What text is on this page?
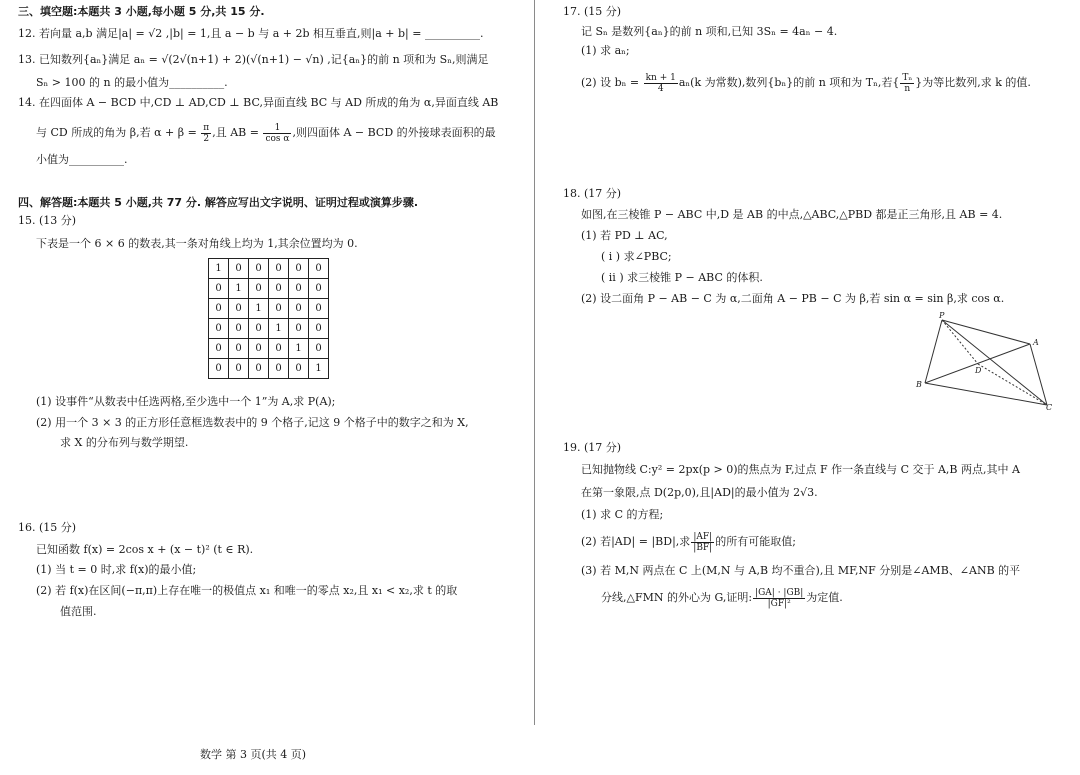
三、填空题:本题共 3 小题,每小题 5 分,共 15 分.
12. 若向量 a,b 满足|a| = √2 ,|b| = 1,且 a − b 与 a + 2b 相互垂直,则|a + b| = __________.
13. 已知数列{aₙ}满足 aₙ = √(2√(n+1) + 2)(√(n+1) − √n) ,记{aₙ}的前 n 项和为 Sₙ,则满足
Sₙ > 100 的 n 的最小值为__________.
14. 在四面体 A − BCD 中,CD ⊥ AD,CD ⊥ BC,异面直线 BC 与 AD 所成的角为 α,异面直线 AB
与 CD 所成的角为 β,若 $\alpha + \beta = \frac{\pi}{2}$ ,且 AB = $\frac{1}{\text{cos α}}$ ,则四面体 A − BCD 的外接球表面积的最
小值为__________.
四、解答题:本题共 5 小题,共 77 分. 解答应写出文字说明、证明过程或演算步骤.
15. (13 分)
下表是一个 6 × 6 的数表,其一条对角线上均为 1,其余位置均为 0.
1	0	0	0	0	0
0	1	0	0	0	0
0	0	1	0	0	0
0	0	0	1	0	0
0	0	0	0	1	0
0	0	0	0	0	1
(1) 设事件“从数表中任选两格,至少选中一个 1”为 A,求 P(A);
(2) 用一个 3 × 3 的正方形任意框选数表中的 9 个格子,记这 9 个格子中的数字之和为 X,
求 X 的分布列与数学期望.
16. (15 分)
已知函数 f(x) = 2cos x + (x − t)² (t ∈ R).
(1) 当 t = 0 时,求 f(x)的最小值;
(2) 若 f(x)在区间(−π,π)上存在唯一的极值点 x₁ 和唯一的零点 x₂,且 x₁ < x₂,求 t 的取
值范围.
17. (15 分)
记 Sₙ 是数列{aₙ}的前 n 项和,已知 3Sₙ = 4aₙ − 4.
(1) 求 aₙ;
(2) 设 $b_n = \frac{kn + 1}{4} a_n(k$ 为常数),数列{bₙ}的前 n 项和为 Tₙ,若{ $\frac{\text{Tₙ}}{n}$ }为等比数列,求 k 的值.
18. (17 分)
如图,在三棱锥 P − ABC 中,D 是 AB 的中点,△ABC,△PBD 都是正三角形,且 AB = 4.
(1) 若 PD ⊥ AC,
( ⅰ ) 求∠PBC;
( ⅱ ) 求三棱锥 P − ABC 的体积.
(2) 设二面角 P − AB − C 为 α,二面角 A − PB − C 为 β,若 sin α = sin β,求 cos α.
19. (17 分)
已知抛物线 C:y² = 2px(p > 0)的焦点为 F,过点 F 作一条直线与 C 交于 A,B 两点,其中 A
在第一象限,点 D(2p,0),且|AD|的最小值为 2√3.
(1) 求 C 的方程;
(2) 若|AD| = |BD|,求 $\frac{|AF|}{|BF|}$ 的所有可能取值;
(3) 若 M,N 两点在 C 上(M,N 与 A,B 均不重合),且 MF,NF 分别是∠AMB、∠ANB 的平
分线,△FMN 的外心为 G,证明: $\frac{|GA| \cdot |GB|}{\text{|GF|²}}$ 为定值.
P
A
B
C
D
数学 第 3 页(共 4 页)
